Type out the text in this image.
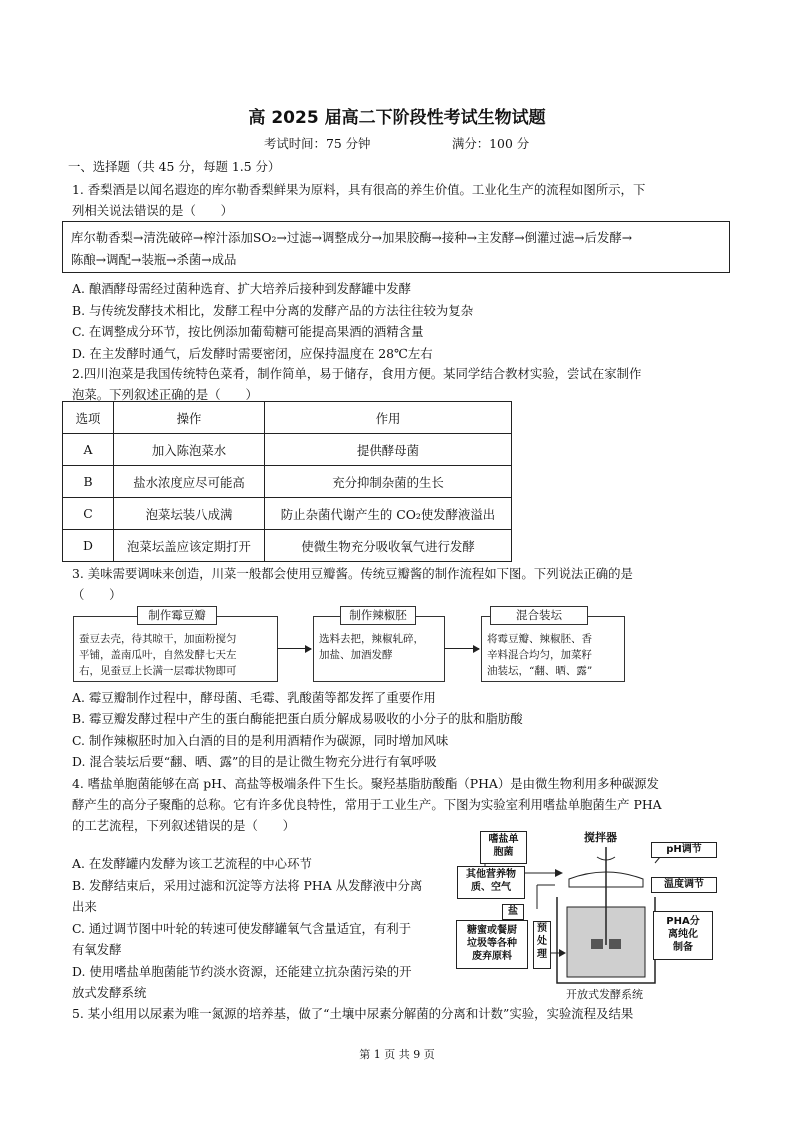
高 2025 届高二下阶段性考试生物试题
考试时间：75 分钟	满分：100 分
一、选择题（共 45 分，每题 1.5 分）
1. 香梨酒是以闻名遐迩的库尔勒香梨鲜果为原料，具有很高的养生价值。工业化生产的流程如图所示，下
列相关说法错误的是（　　）
库尔勒香梨→清洗破碎→榨汁添加SO₂→过滤→调整成分→加果胶酶→接种→主发酵→倒灌过滤→后发酵→
陈酿→调配→装瓶→杀菌→成品
A. 酿酒酵母需经过菌种选育、扩大培养后接种到发酵罐中发酵
B. 与传统发酵技术相比，发酵工程中分离的发酵产品的方法往往较为复杂
C. 在调整成分环节，按比例添加葡萄糖可能提高果酒的酒精含量
D. 在主发酵时通气，后发酵时需要密闭，应保持温度在 28℃左右
2.四川泡菜是我国传统特色菜肴，制作简单，易于储存，食用方便。某同学结合教材实验，尝试在家制作
泡菜。下列叙述正确的是（　　）
选项	操作	作用
A	加入陈泡菜水	提供酵母菌
B	盐水浓度应尽可能高	充分抑制杂菌的生长
C	泡菜坛装八成满	防止杂菌代谢产生的 CO₂使发酵液溢出
D	泡菜坛盖应该定期打开	使微生物充分吸收氧气进行发酵
3. 美味需要调味来创造，川菜一般都会使用豆瓣酱。传统豆瓣酱的制作流程如下图。下列说法正确的是
（　　）
蚕豆去壳，待其晾干，加面粉搅匀
平铺，盖南瓜叶，自然发酵七天左
右，见蚕豆上长满一层霉状物即可
制作霉豆瓣
选料去把，辣椒轧碎，
加盐、加酒发酵
制作辣椒胚
将霉豆瓣、辣椒胚、香
辛料混合均匀，加菜籽
油装坛，“翻、晒、露”
混合装坛
A. 霉豆瓣制作过程中，酵母菌、毛霉、乳酸菌等都发挥了重要作用
B. 霉豆瓣发酵过程中产生的蛋白酶能把蛋白质分解成易吸收的小分子的肽和脂肪酸
C. 制作辣椒胚时加入白酒的目的是利用酒精作为碳源，同时增加风味
D. 混合装坛后要“翻、晒、露”的目的是让微生物充分进行有氧呼吸
4. 嗜盐单胞菌能够在高 pH、高盐等极端条件下生长。聚羟基脂肪酸酯（PHA）是由微生物利用多种碳源发
酵产生的高分子聚酯的总称。它有许多优良特性，常用于工业生产。下图为实验室利用嗜盐单胞菌生产 PHA
的工艺流程，下列叙述错误的是（　　）
A. 在发酵罐内发酵为该工艺流程的中心环节
B. 发酵结束后，采用过滤和沉淀等方法将 PHA 从发酵液中分离
出来
C. 通过调节图中叶轮的转速可使发酵罐氧气含量适宜，有利于
有氧发酵
D. 使用嗜盐单胞菌能节约淡水资源，还能建立抗杂菌污染的开
放式发酵系统
嗜盐单
胞菌
其他营养物
质、空气
盐
糖蜜或餐厨
垃圾等各种
废弃原料
预
处
理
搅拌器
pH调节
温度调节
PHA分
离纯化
制备
开放式发酵系统
5. 某小组用以尿素为唯一氮源的培养基，做了“土壤中尿素分解菌的分离和计数”实验，实验流程及结果
第 1 页 共 9 页
